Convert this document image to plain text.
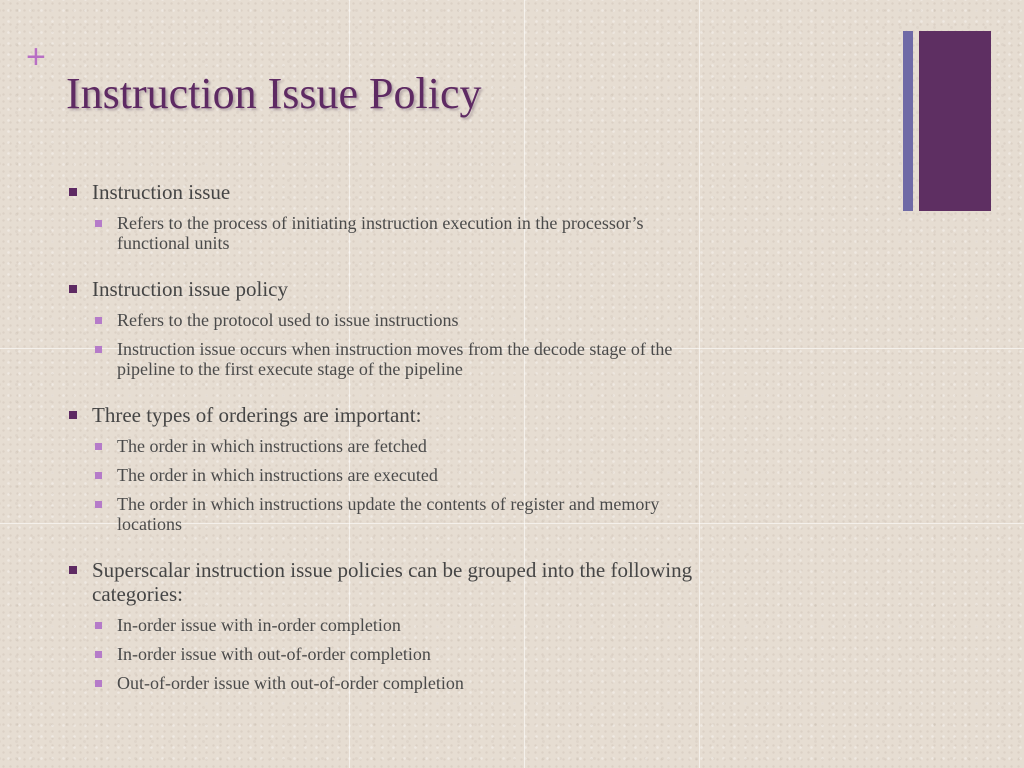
+
Instruction Issue Policy
Instruction issue
Refers to the process of initiating instruction execution in the processor’s
functional units
Instruction issue policy
Refers to the protocol used to issue instructions
Instruction issue occurs when instruction moves from the decode stage of the
pipeline to the first execute stage of the pipeline
Three types of orderings are important:
The order in which instructions are fetched
The order in which instructions are executed
The order in which instructions update the contents of register and memory
locations
Superscalar instruction issue policies can be grouped into the following
categories:
In-order issue with in-order completion
In-order issue with out-of-order completion
Out-of-order issue with out-of-order completion
